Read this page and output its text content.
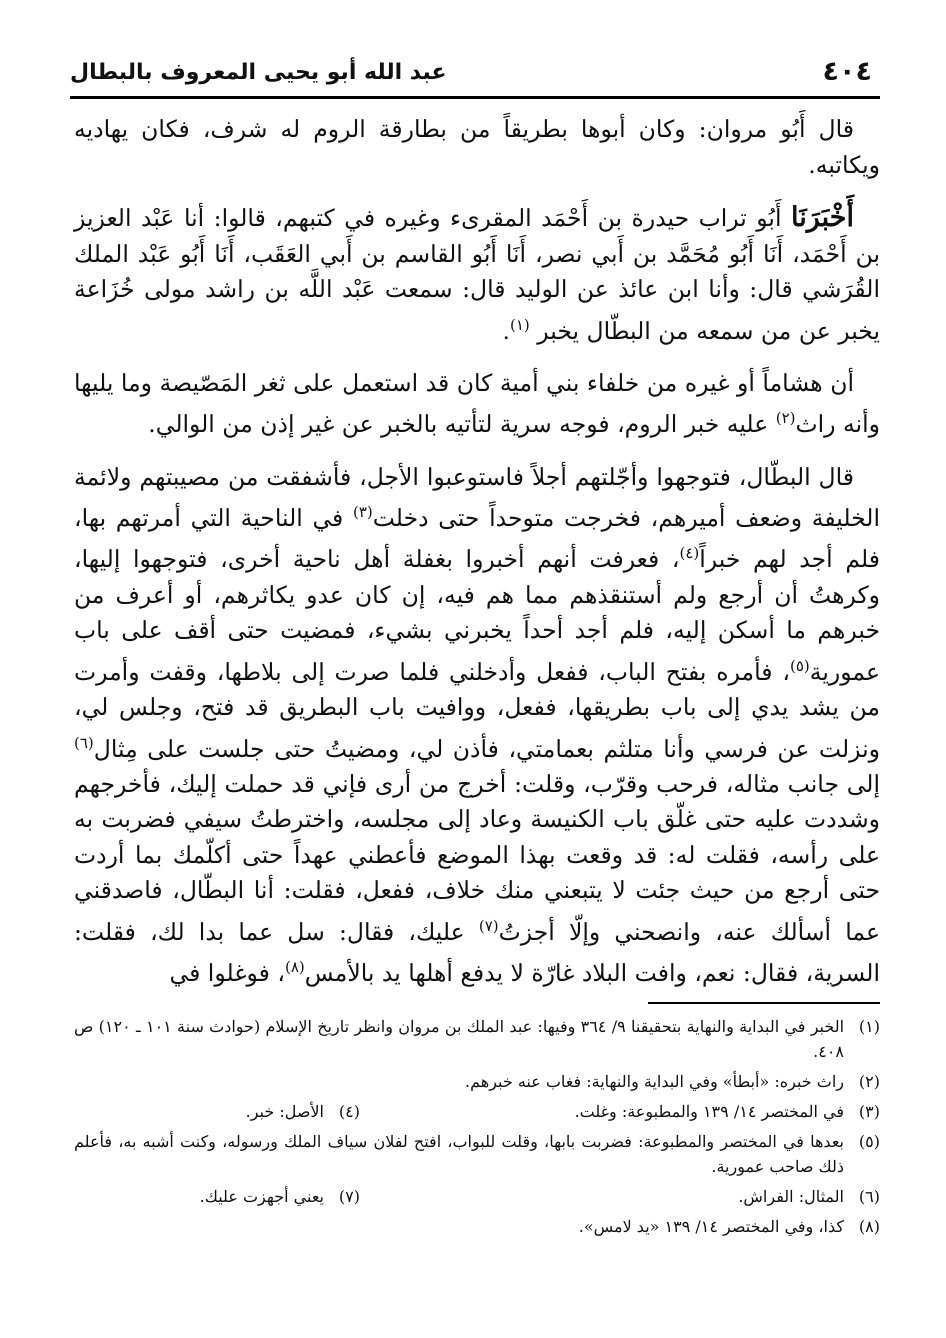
٤٠٤
عبد الله أبو يحيى المعروف بالبطال

قال أَبُو مروان: وكان أبوها بطريقاً من بطارقة الروم له شرف، فكان يهاديه ويكاتبه.

أَخْبَرَنَا أَبُو تراب حيدرة بن أَحْمَد المقرىء وغيره في كتبهم، قالوا: أنا عَبْد العزيز بن أَحْمَد، أَنَا أَبُو مُحَمَّد بن أَبي نصر، أَنَا أَبُو القاسم بن أَبي العَقَب، أَنَا أَبُو عَبْد الملك القُرَشي قال: وأنا ابن عائذ عن الوليد قال: سمعت عَبْد اللَّه بن راشد مولى خُزَاعة يخبر عن من سمعه من البطّال يخبر $^{(١)}$.

أن هشاماً أو غيره من خلفاء بني أمية كان قد استعمل على ثغر المَصّيصة وما يليها وأنه راث$^{(٢)}$ عليه خبر الروم، فوجه سرية لتأتيه بالخبر عن غير إذن من الوالي.

قال البطّال، فتوجهوا وأجّلتهم أجلاً فاستوعبوا الأجل، فأشفقت من مصيبتهم ولائمة الخليفة وضعف أميرهم، فخرجت متوحداً حتى دخلت$^{(٣)}$ في الناحية التي أمرتهم بها، فلم أجد لهم خبراً$^{(٤)}$، فعرفت أنهم أخبروا بغفلة أهل ناحية أخرى، فتوجهوا إليها، وكرهتُ أن أرجع ولم أستنقذهم مما هم فيه، إن كان عدو يكاثرهم، أو أعرف من خبرهم ما أسكن إليه، فلم أجد أحداً يخبرني بشيء، فمضيت حتى أقف على باب عمورية$^{(٥)}$، فأمره بفتح الباب، ففعل وأدخلني فلما صرت إلى بلاطها، وقفت وأمرت من يشد يدي إلى باب بطريقها، ففعل، ووافيت باب البطريق قد فتح، وجلس لي، ونزلت عن فرسي وأنا متلثم بعمامتي، فأذن لي، ومضيتُ حتى جلست على مِثال$^{(٦)}$ إلى جانب مثاله، فرحب وقرّب، وقلت: أخرج من أرى فإني قد حملت إليك، فأخرجهم وشددت عليه حتى غلّق باب الكنيسة وعاد إلى مجلسه، واخترطتُ سيفي فضربت به على رأسه، فقلت له: قد وقعت بهذا الموضع فأعطني عهداً حتى أكلّمك بما أردت حتى أرجع من حيث جئت لا يتبعني منك خلاف، ففعل، فقلت: أنا البطّال، فاصدقني عما أسألك عنه، وانصحني وإلّا أجزتُ$^{(٧)}$ عليك، فقال: سل عما بدا لك، فقلت: السرية، فقال: نعم، وافت البلاد غارّة لا يدفع أهلها يد بالأمس$^{(٨)}$، فوغلوا في

(١)
الخبر في البداية والنهاية بتحقيقنا ٩/ ٣٦٤ وفيها: عبد الملك بن مروان وانظر تاريخ الإسلام (حوادث سنة ١٠١ ـ ١٢٠) ص ٤٠٨.
(٢)
راث خبره: «أبطأ» وفي البداية والنهاية: فغاب عنه خبرهم.
(٣)
في المختصر ١٤/ ١٣٩ والمطبوعة: وغلت.
(٤)
الأصل: خبر.
(٥)
بعدها في المختصر والمطبوعة: فضربت بابها، وقلت للبواب، افتح لفلان سياف الملك ورسوله، وكنت أشبه به، فأعلم ذلك صاحب عمورية.
(٦)
المثال: الفراش.
(٧)
يعني أجهزت عليك.
(٨)
كذا، وفي المختصر ١٤/ ١٣٩ «يد لامس».
